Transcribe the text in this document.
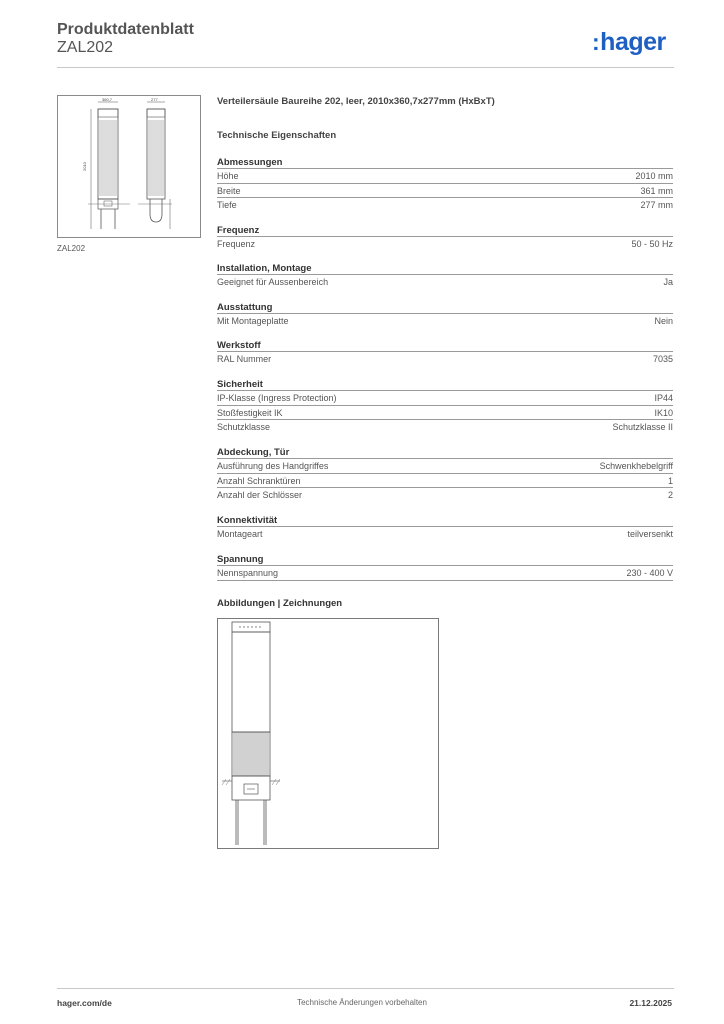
Produktdatenblatt
ZAL202	:hager
360,7
2010
277
ZAL202
Verteilersäule Baureihe 202, leer, 2010x360,7x277mm (HxBxT)
Technische Eigenschaften
Abmessungen
Höhe	2010 mm
Breite	361 mm
Tiefe	277 mm
Frequenz
Frequenz	50 - 50 Hz
Installation, Montage
Geeignet für Aussenbereich	Ja
Ausstattung
Mit Montageplatte	Nein
Werkstoff
RAL Nummer	7035
Sicherheit
IP-Klasse (Ingress Protection)	IP44
Stoßfestigkeit IK	IK10
Schutzklasse	Schutzklasse II
Abdeckung, Tür
Ausführung des Handgriffes	Schwenkhebelgriff
Anzahl Schranktüren	1
Anzahl der Schlösser	2
Konnektivität
Montageart	teilversenkt
Spannung
Nennspannung	230 - 400 V
Abbildungen | Zeichnungen
hager.com/de	Technische Änderungen vorbehalten	21.12.2025
